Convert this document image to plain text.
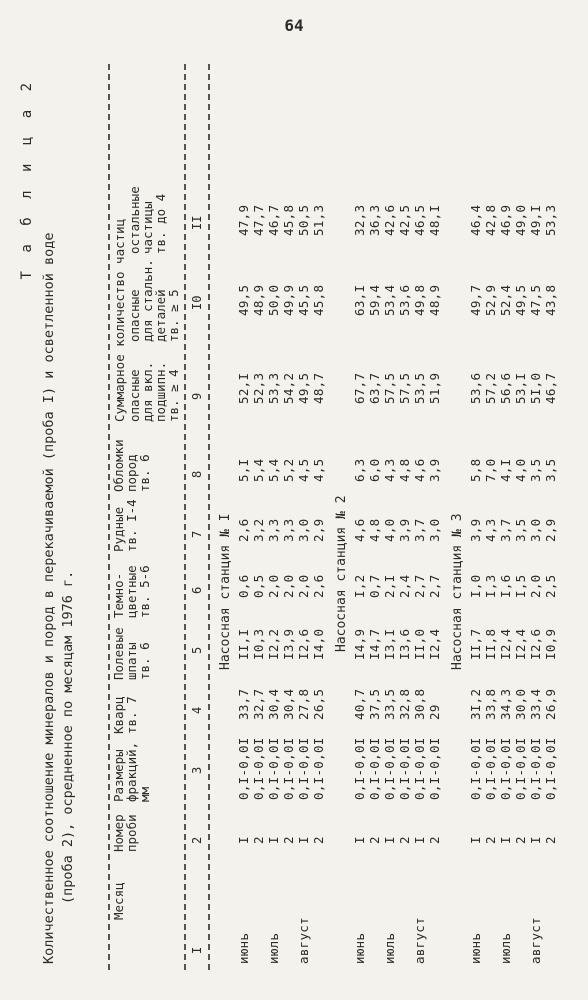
64
Т а б л и ц а 2
Количественное соотношение минералов и пород в перекачиваемой (проба I) и осветленной воде (проба 2), осредненное по месяцам 1976 г.	Месяц
Номер
проби
Размеры
фракций,
мм
Кварц
тв. 7
Полевые
шпаты
тв. 6
Темно-
цветные
тв. 5-6
Рудные
тв. I-4
Обломки
пород
тв. 6
Суммарное количество частиц опасные
для вкл.
подшипн.
тв. ≥ 4
опасные
для стальн.
деталей
тв. ≥ 5
остальные
частицы
тв. до 4
I
2
3
4
5
6
7
8
9
I0
II
Насосная станция № I
июнь
I
0,I-0,0I
33,7
II,I
0,6
2,6
5,I
52,I
49,5
47,9
2
0,I-0,0I
32,7
I0,3
0,5
3,2
5,4
52,3
48,9
47,7
июль
I
0,I-0,0I
30,4
I2,2
2,0
3,3
5,4
53,3
50,0
46,7
2
0,I-0,0I
30,4
I3,9
2,0
3,3
5,2
54,2
49,9
45,8
август
I
0,I-0,0I
27,8
I2,6
2,0
3,0
4,5
49,5
45,5
50,5
2
0,I-0,0I
26,5
I4,0
2,6
2,9
4,5
48,7
45,8
51,3
Насосная станция № 2
июнь
I
0,I-0,0I
40,7
I4,9
I,2
4,6
6,3
67,7
63,I
32,3
2
0,I-0,0I
37,5
I4,7
0,7
4,8
6,0
63,7
59,4
36,3
июль
I
0,I-0,0I
33,5
I3,I
2,I
4,0
4,3
57,5
53,4
42,6
2
0,I-0,0I
32,8
I3,6
2,4
3,9
4,8
57,5
53,6
42,5
август
I
0,I-0,0I
30,8
II,0
2,7
3,7
4,6
53,5
49,8
46,5
2
0,I-0,0I
29
I2,4
2,7
3,0
3,9
51,9
48,9
48,I
Насосная станция № 3
июнь
I
0,I-0,0I
3I,2
II,7
I,0
3,9
5,8
53,6
49,7
46,4
2
0,I-0,0I
33,8
II,8
I,3
4,3
7,0
57,2
52,9
42,8
июль
I
0,I-0,0I
34,3
I2,4
I,6
3,7
4,I
56,6
52,4
46,9
2
0,I-0,0I
30,0
I2,4
I,5
3,5
4,0
53,I
49,5
49,0
август
I
0,I-0,0I
33,4
I2,6
2,0
3,0
3,5
5I,0
47,5
49,I
2
0,I-0,0I
26,9
I0,9
2,5
2,9
3,5
46,7
43,8
53,3
